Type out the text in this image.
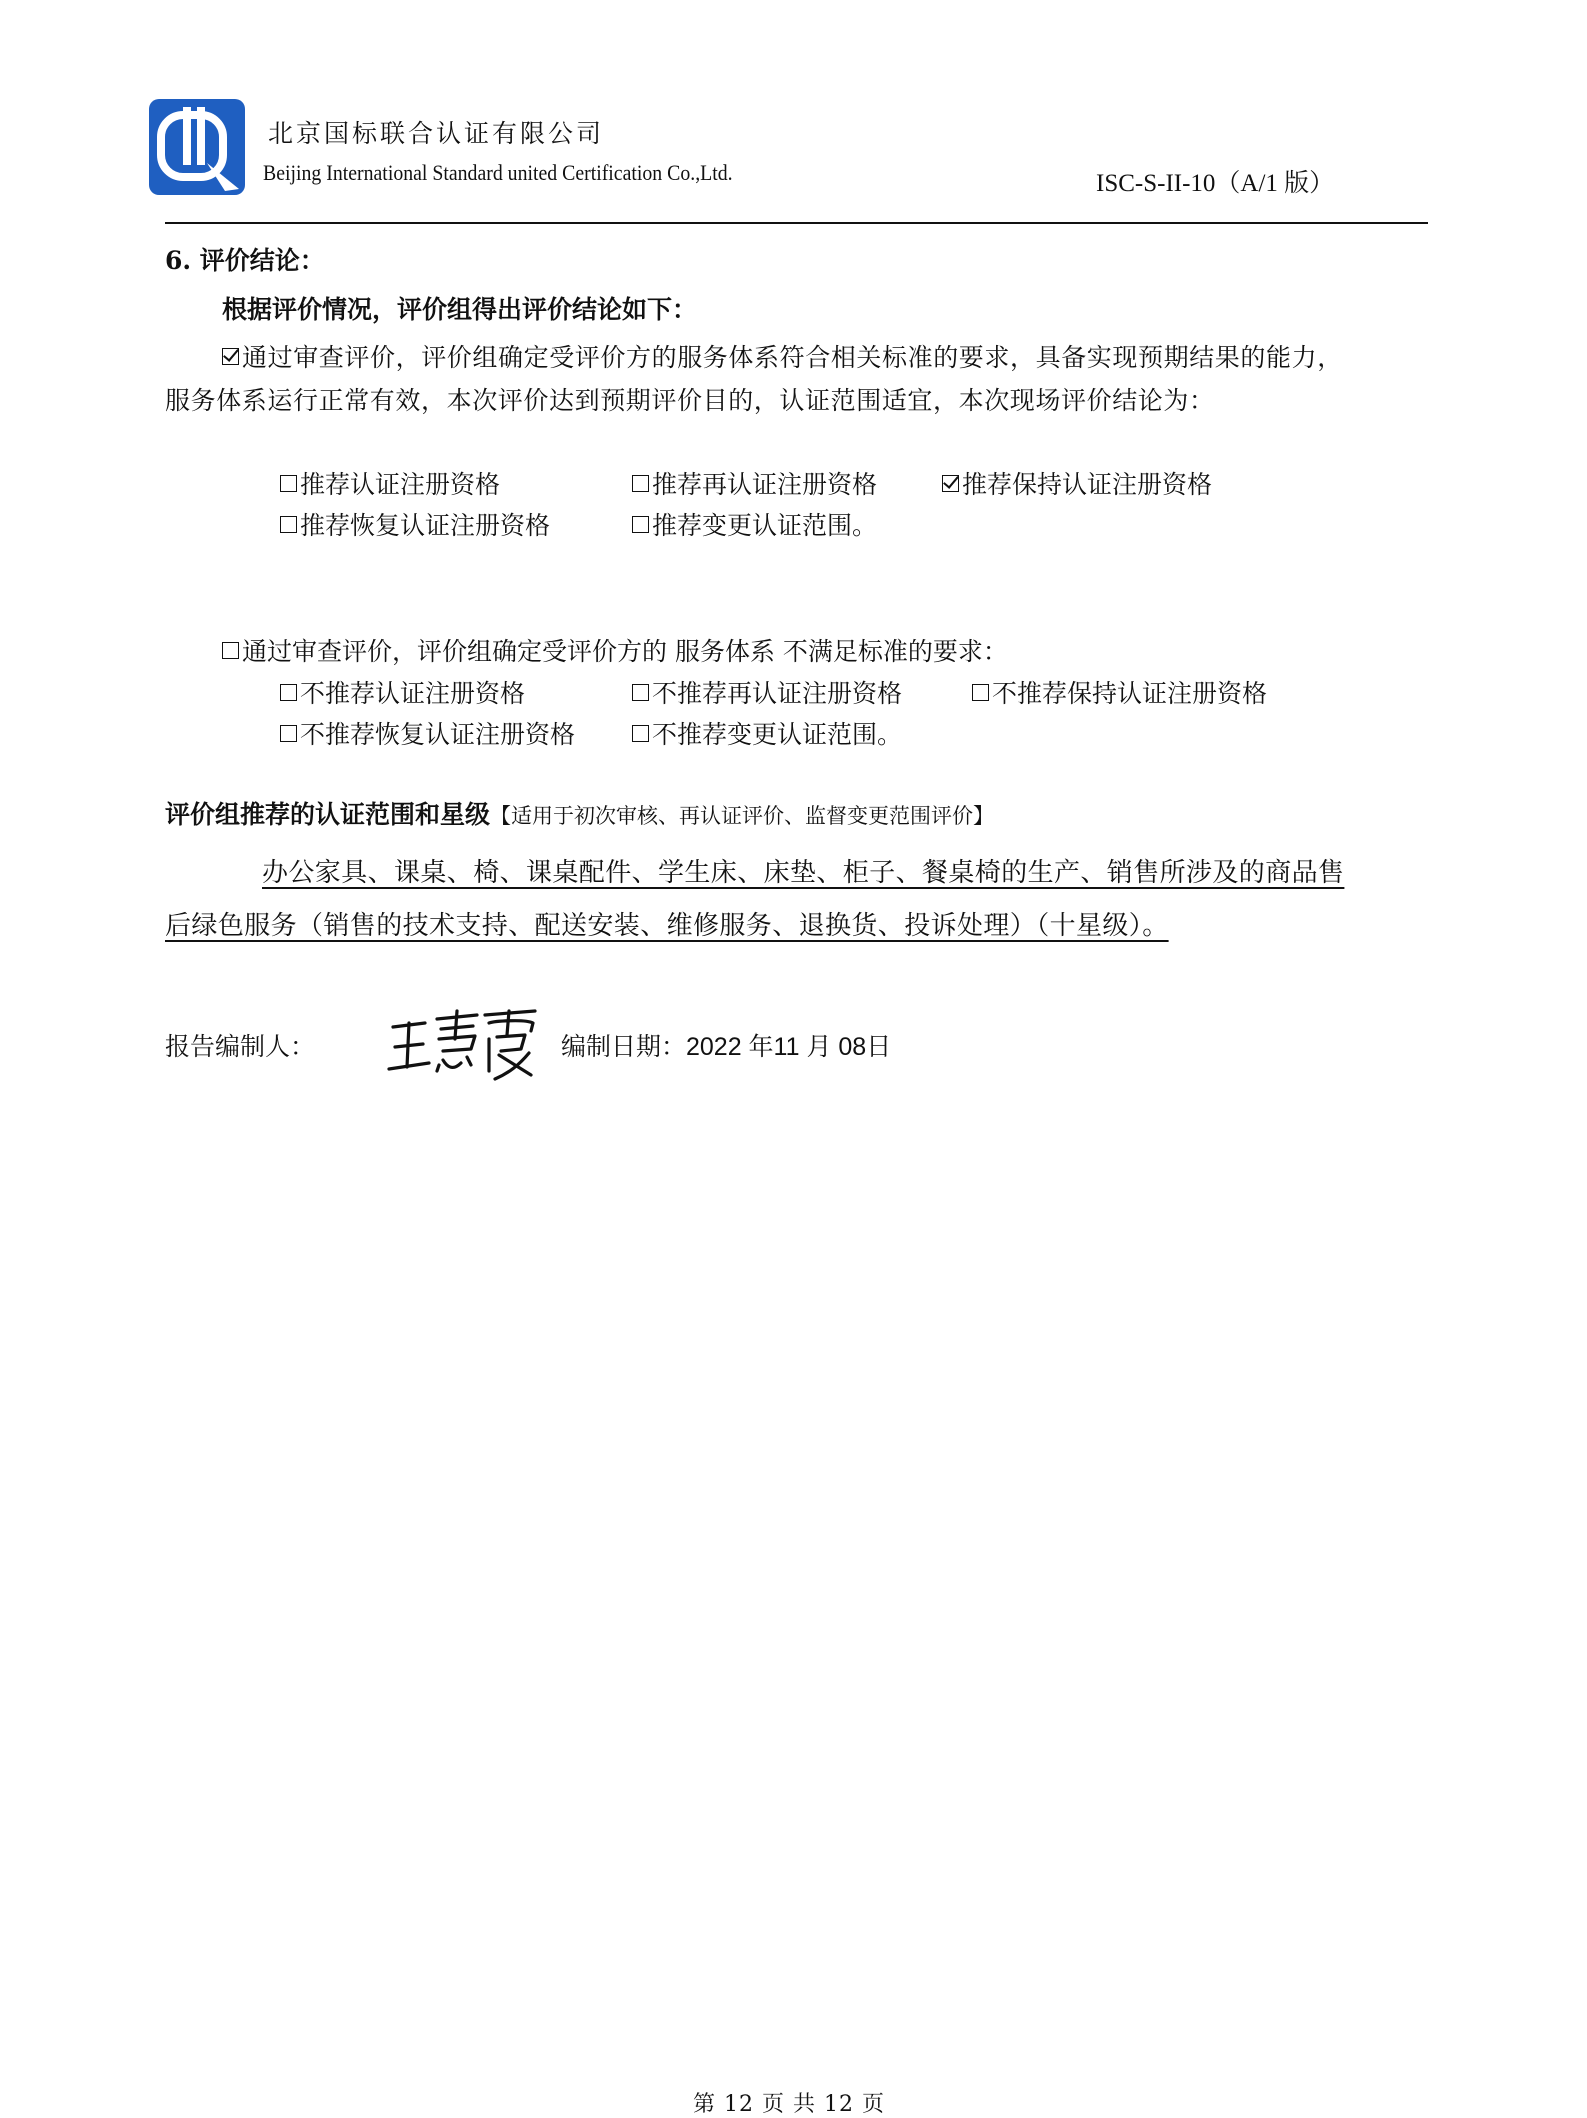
北京国标联合认证有限公司
Beijing International Standard united Certification Co.,Ltd.	ISC-S-II-10（A/1 版）
6. 评价结论：
根据评价情况，评价组得出评价结论如下：
通过审查评价，评价组确定受评价方的服务体系符合相关标准的要求，具备实现预期结果的能力，
服务体系运行正常有效，本次评价达到预期评价目的，认证范围适宜，本次现场评价结论为：
推荐认证注册资格	推荐再认证注册资格	推荐保持认证注册资格
推荐恢复认证注册资格	推荐变更认证范围。
通过审查评价，评价组确定受评价方的 服务体系 不满足标准的要求：
不推荐认证注册资格	不推荐再认证注册资格	不推荐保持认证注册资格
不推荐恢复认证注册资格	不推荐变更认证范围。
评价组推荐的认证范围和星级【适用于初次审核、再认证评价、监督变更范围评价】
办公家具、课桌、椅、课桌配件、学生床、床垫、柜子、餐桌椅的生产、销售所涉及的商品售
后绿色服务（销售的技术支持、配送安装、维修服务、退换货、投诉处理）（十星级）。
报告编制人：	编制日期：2022 年11 月 08日
第 12 页 共 12 页
